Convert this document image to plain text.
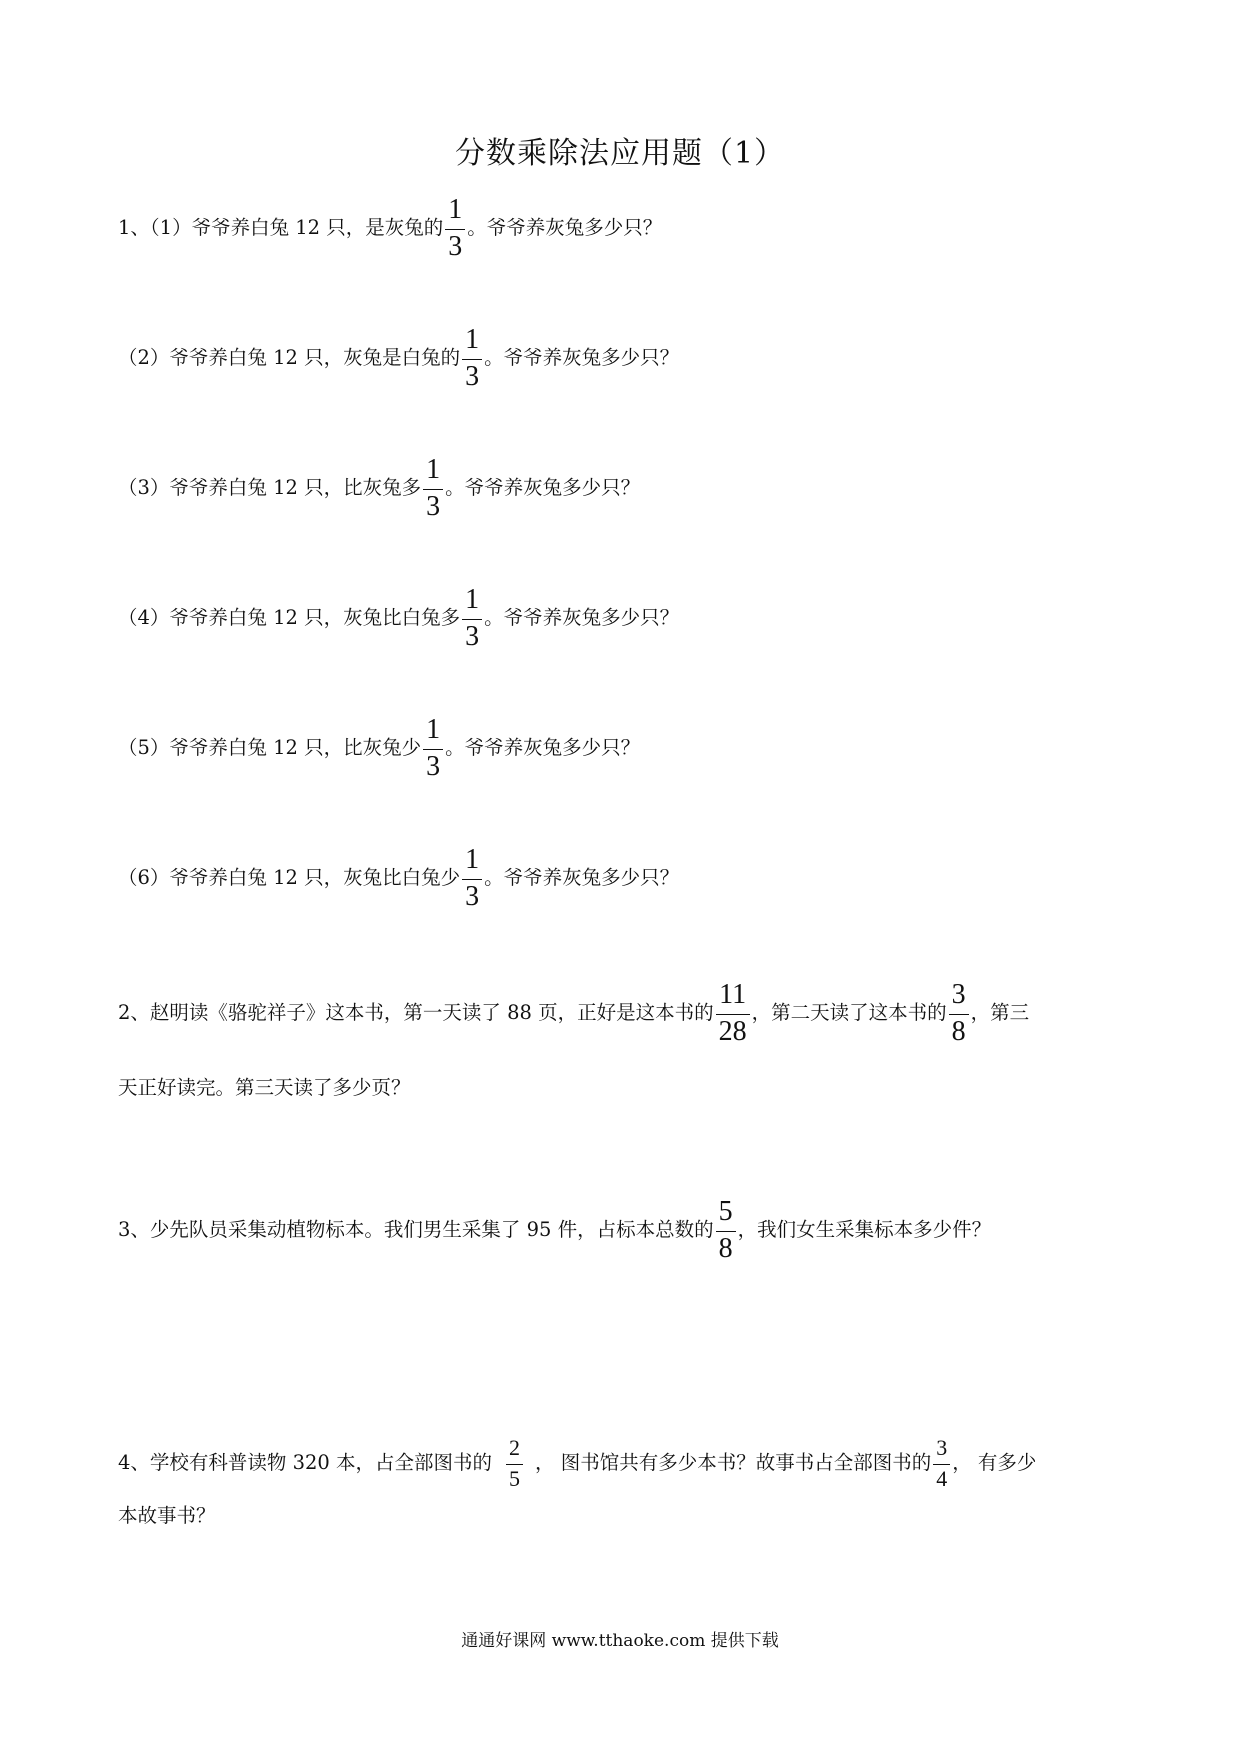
分数乘除法应用题（1）
1、（1）爷爷养白兔 12 只，是灰兔的 $\frac{1}{3}$ 。爷爷养灰兔多少只？
（2）爷爷养白兔 12 只，灰兔是白兔的 $\frac{1}{3}$ 。爷爷养灰兔多少只？
（3）爷爷养白兔 12 只，比灰兔多 $\frac{1}{3}$ 。爷爷养灰兔多少只？
（4）爷爷养白兔 12 只，灰兔比白兔多 $\frac{1}{3}$ 。爷爷养灰兔多少只？
（5）爷爷养白兔 12 只，比灰兔少 $\frac{1}{3}$ 。爷爷养灰兔多少只？
（6）爷爷养白兔 12 只，灰兔比白兔少 $\frac{1}{3}$ 。爷爷养灰兔多少只？
2、赵明读《骆驼祥子》这本书，第一天读了 88 页，正好是这本书的 $\frac{11}{28}$ ，第二天读了这本书的 $\frac{3}{8}$ ，第三
天正好读完。第三天读了多少页？
3、少先队员采集动植物标本。我们男生采集了 95 件，占标本总数的 $\frac{5}{8}$ ，我们女生采集标本多少件？
4、学校有科普读物 320 本，占全部图书的 $\frac{2}{5}$ ， 图书馆共有多少本书？故事书占全部图书的 $\frac{3}{4}$ ， 有多少
本故事书？
通通好课网 www.tthaoke.com 提供下载
